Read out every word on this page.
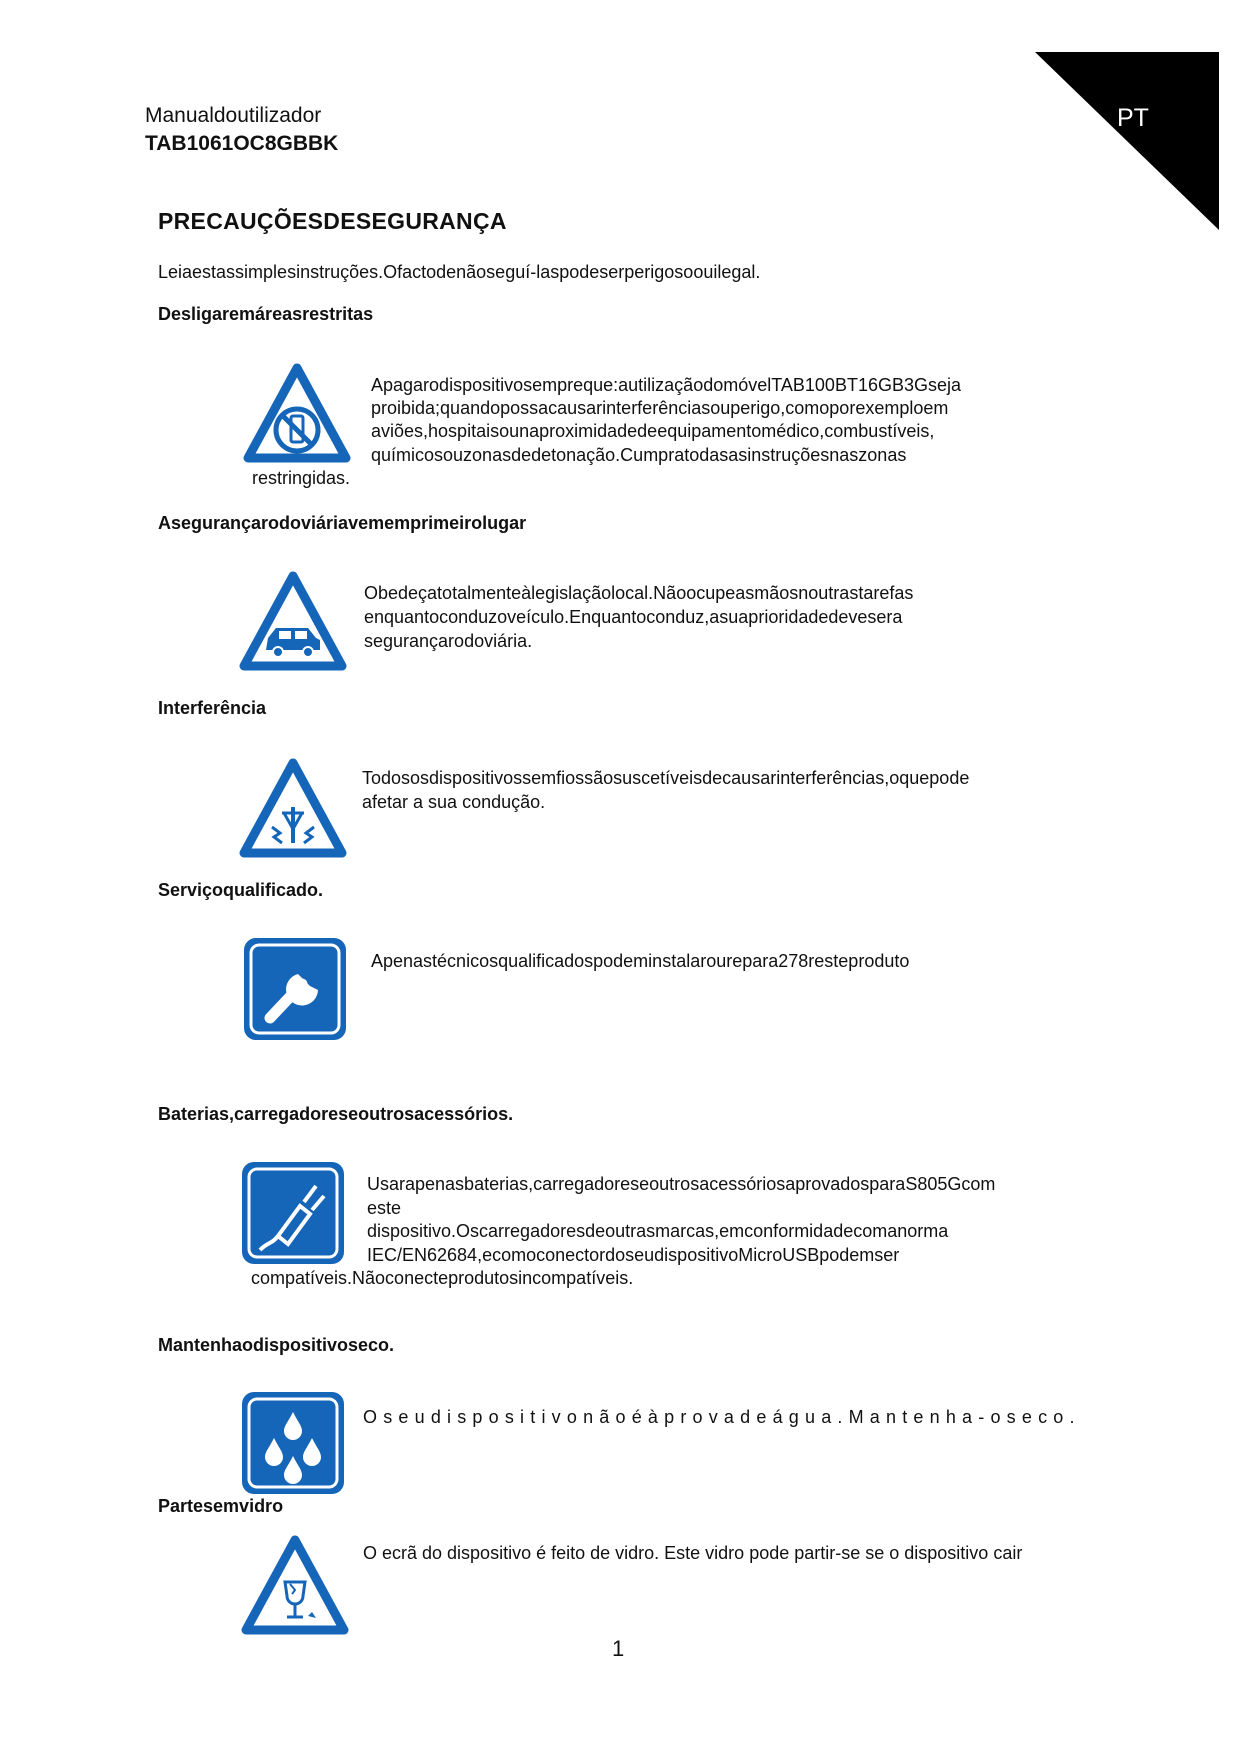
PT
Manualdoutilizador
TAB1061OC8GBBK
PRECAUÇÕESDESEGURANÇA
Leiaestassimplesinstruções.Ofactodenãoseguí-laspodeserperigosoouilegal.
Desligaremáreasrestritas
Apagarodispositivosempreque:autilizaçãodomóvelTAB100BT16GB3Gseja
proibida;quandopossacausarinterferênciasouperigo,comoporexemploem
aviões,hospitaisounaproximidadedeequipamentomédico,combustíveis,
químicosouzonasdedetonação.Cumpratodasasinstruçõesnaszonas
restringidas.
Asegurançarodoviáriavememprimeirolugar
Obedeçatotalmenteàlegislaçãolocal.Nãoocupeasmãosnoutrastarefas
enquantoconduzoveículo.Enquantoconduz,asuaprioridadedevesera
segurançarodoviária.
Interferência
Todososdispositivossemfiossãosuscetíveisdecausarinterferências,oquepode
afetar a sua condução.
Serviçoqualificado.
Apenastécnicosqualificadospodeminstalarourepara278resteproduto
Baterias,carregadoreseoutrosacessórios.
Usarapenasbaterias,carregadoreseoutrosacessóriosaprovadosparaS805Gcom
este
dispositivo.Oscarregadoresdeoutrasmarcas,emconformidadecomanorma
IEC/EN62684,ecomoconectordoseudispositivoMicroUSBpodemser
compatíveis.Nãoconecteprodutosincompatíveis.
Mantenhaodispositivoseco.
Oseudispositivonãoéàprovadeágua.Mantenha-oseco.
Partesemvidro
O ecrã do dispositivo é feito de vidro. Este vidro pode partir-se se o dispositivo cair
1
